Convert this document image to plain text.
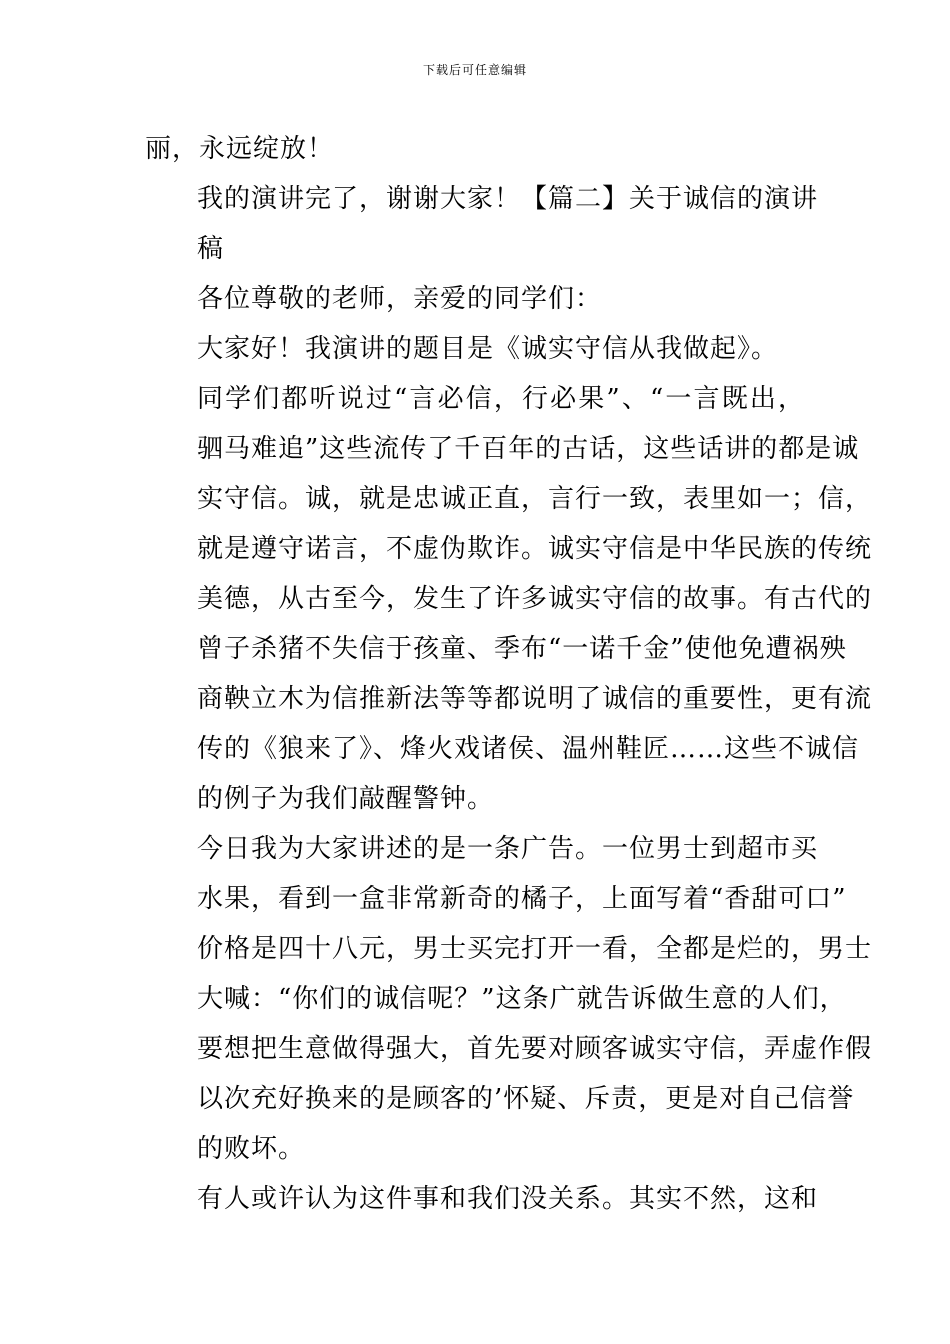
下载后可任意编辑

丽，永远绽放！

我的演讲完了，谢谢大家！【篇二】关于诚信的演讲
稿

各位尊敬的老师，亲爱的同学们：

大家好！我演讲的题目是《诚实守信从我做起》。

同学们都听说过“言必信，行必果”、“一言既出，
驷马难追”这些流传了千百年的古话，这些话讲的都是诚
实守信。诚，就是忠诚正直，言行一致，表里如一；信，
就是遵守诺言，不虚伪欺诈。诚实守信是中华民族的传统
美德，从古至今，发生了许多诚实守信的故事。有古代的
曾子杀猪不失信于孩童、季布“一诺千金”使他免遭祸殃
商鞅立木为信推新法等等都说明了诚信的重要性，更有流
传的《狼来了》、烽火戏诸侯、温州鞋匠……这些不诚信
的例子为我们敲醒警钟。

今日我为大家讲述的是一条广告。一位男士到超市买
水果，看到一盒非常新奇的橘子，上面写着“香甜可口”
价格是四十八元，男士买完打开一看，全都是烂的，男士
大喊：“你们的诚信呢？”这条广就告诉做生意的人们，
要想把生意做得强大，首先要对顾客诚实守信，弄虚作假
以次充好换来的是顾客的’怀疑、斥责，更是对自己信誉
的败坏。

有人或许认为这件事和我们没关系。其实不然，这和
